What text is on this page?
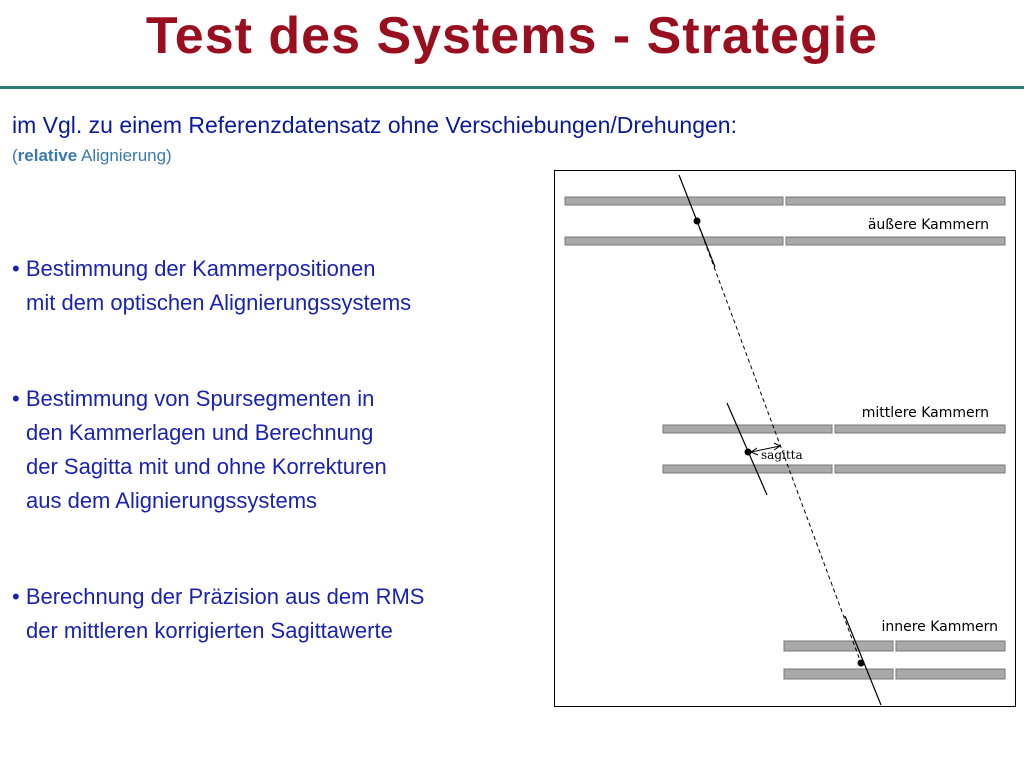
Test des Systems - Strategie
im Vgl. zu einem Referenzdatensatz ohne Verschiebungen/Drehungen:
(relative Alignierung)
• Bestimmung der Kammerpositionen
mit dem optischen Alignierungssystems
• Bestimmung von Spursegmenten in
den Kammerlagen und Berechnung
der Sagitta mit und ohne Korrekturen
aus dem Alignierungssystems
• Berechnung der Präzision aus dem RMS
der mittleren korrigierten Sagittawerte
äußere Kammern
mittlere Kammern
innere Kammern
sagitta
